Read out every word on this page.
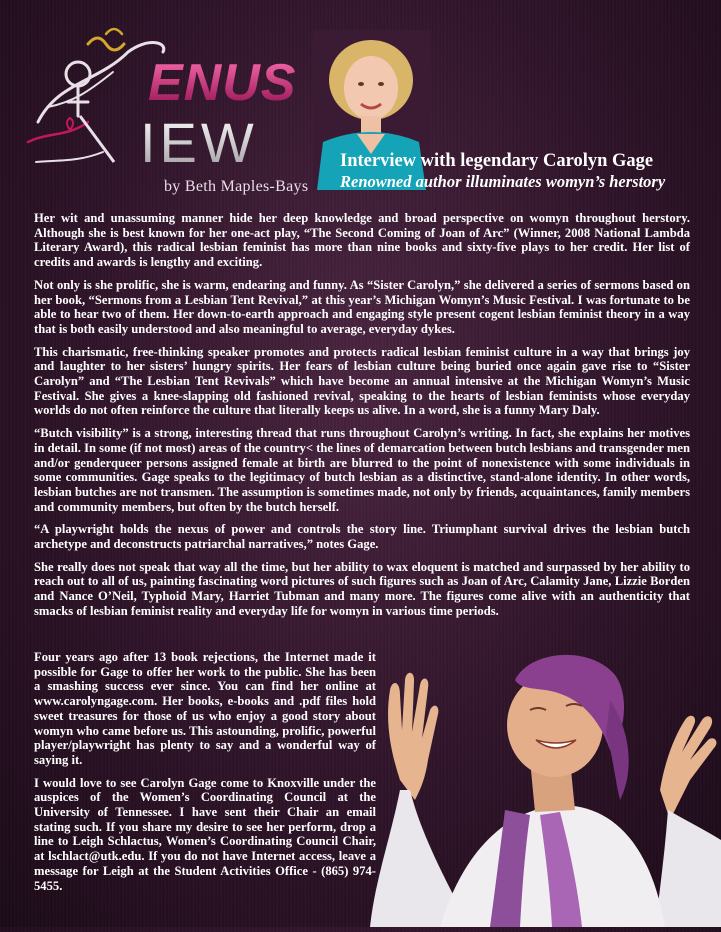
ENUS
IEW
by Beth Maples-Bays
Interview with legendary Carolyn Gage
Renowned author illuminates womyn’s herstory

Her wit and unassuming manner hide her deep knowledge and broad perspective on womyn throughout herstory. Although she is best known for her one-act play, “The Second Coming of Joan of Arc” (Winner, 2008 National Lambda Literary Award), this radical lesbian feminist has more than nine books and sixty-five plays to her credit. Her list of credits and awards is lengthy and exciting.

Not only is she prolific, she is warm, endearing and funny. As “Sister Carolyn,” she delivered a series of sermons based on her book, “Sermons from a Lesbian Tent Revival,” at this year’s Michigan Womyn’s Music Festival. I was fortunate to be able to hear two of them. Her down-to-earth approach and engaging style present cogent lesbian feminist theory in a way that is both easily understood and also meaningful to average, everyday dykes.

This charismatic, free-thinking speaker promotes and protects radical lesbian feminist culture in a way that brings joy and laughter to her sisters’ hungry spirits. Her fears of lesbian culture being buried once again gave rise to “Sister Carolyn” and “The Lesbian Tent Revivals” which have become an annual intensive at the Michigan Womyn’s Music Festival. She gives a knee-slapping old fashioned revival, speaking to the hearts of lesbian feminists whose everyday worlds do not often reinforce the culture that literally keeps us alive. In a word, she is a funny Mary Daly.

“Butch visibility” is a strong, interesting thread that runs throughout Carolyn’s writing. In fact, she explains her motives in detail. In some (if not most) areas of the country< the lines of demarcation between butch lesbians and transgender men and/or genderqueer persons assigned female at birth are blurred to the point of nonexistence with some individuals in some communities. Gage speaks to the legitimacy of butch lesbian as a distinctive, stand-alone identity. In other words, lesbian butches are not transmen. The assumption is sometimes made, not only by friends, acquaintances, family members and community members, but often by the butch herself.

“A playwright holds the nexus of power and controls the story line. Triumphant survival drives the lesbian butch archetype and deconstructs patriarchal narratives,” notes Gage.

She really does not speak that way all the time, but her ability to wax eloquent is matched and surpassed by her ability to reach out to all of us, painting fascinating word pictures of such figures such as Joan of Arc, Calamity Jane, Lizzie Borden and Nance O’Neil, Typhoid Mary, Harriet Tubman and many more. The figures come alive with an authenticity that smacks of lesbian feminist reality and everyday life for womyn in various time periods.

Four years ago after 13 book rejections, the Internet made it possible for Gage to offer her work to the public. She has been a smashing success ever since. You can find her online at www.carolyngage.com. Her books, e-books and .pdf files hold sweet treasures for those of us who enjoy a good story about womyn who came before us. This astounding, prolific, powerful player/playwright has plenty to say and a wonderful way of saying it.

I would love to see Carolyn Gage come to Knoxville under the auspices of the Women’s Coordinating Council at the University of Tennessee. I have sent their Chair an email stating such. If you share my desire to see her perform, drop a line to Leigh Schlactus, Women’s Coordinating Council Chair, at lschlact@utk.edu. If you do not have Internet access, leave a message for Leigh at the Student Activities Office - (865) 974-5455.
